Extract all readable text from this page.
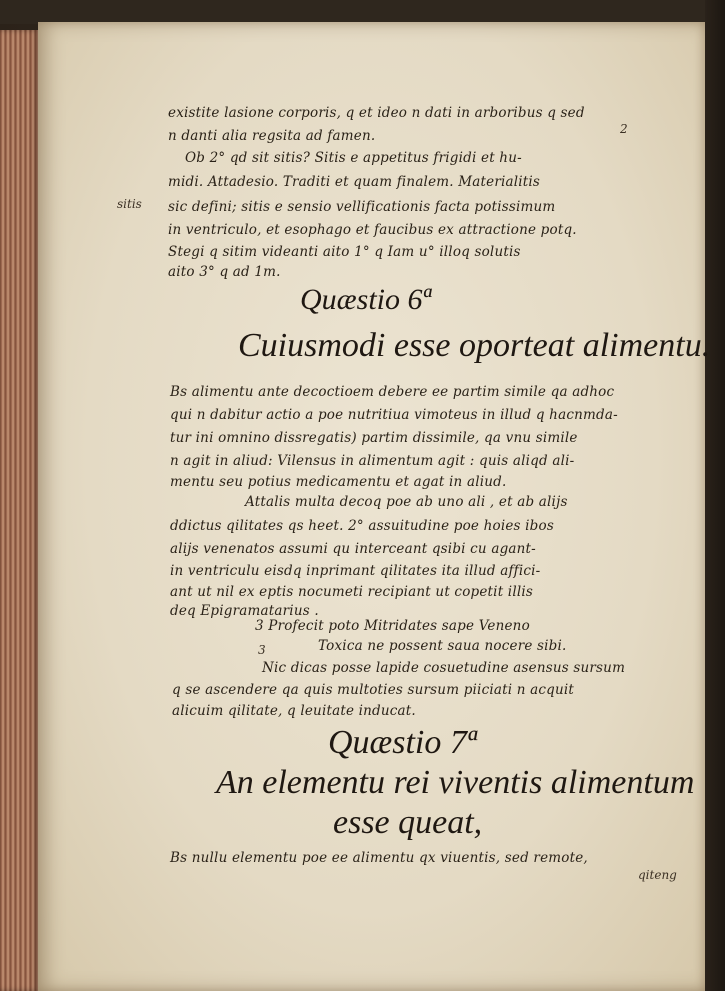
existite lasione corporis, q et ideo n dati in arboribus q sed
n danti alia regsita ad famen.
Ob 2° qd sit sitis? Sitis e appetitus frigidi et hu-
midi. Attadesio. Traditi et quam finalem. Materialitis
sic defini; sitis e sensio vellificationis facta potissimum
in ventriculo, et esophago et faucibus ex attractione potq.
Stegi q sitim videanti aito 1° q Iam u° illoq solutis
aito 3° q ad 1m.
sitis
2
Quæstio 6ª
Cuiusmodi esse oporteat alimentu.
Bs alimentu ante decoctioem debere ee partim simile qa adhoc
qui n dabitur actio a poe nutritiua vimoteus in illud q hacnmda-
tur ini omnino dissregatis) partim dissimile, qa vnu simile
n agit in aliud: Vilensus in alimentum agit : quis aliqd ali-
mentu seu potius medicamentu et agat in aliud.
Attalis multa decoq poe ab uno ali , et ab alijs
ddictus qilitates qs heet. 2° assuitudine poe hoies ibos
alijs venenatos assumi qu interceant qsibi cu agant-
in ventriculu eisdq inprimant qilitates ita illud affici-
ant ut nil ex eptis nocumeti recipiant ut copetit illis
deq Epigramatarius .
3 Profecit poto Mitridates sape Veneno
Toxica ne possent saua nocere sibi.
Nic dicas posse lapide cosuetudine asensus sursum
q se ascendere qa quis multoties sursum piiciati n acquit
alicuim qilitate, q leuitate inducat.
3
Quæstio 7ª
An elementu rei viventis alimentum
esse queat,
Bs nullu elementu poe ee alimentu qx viuentis, sed remote,
qiteng
